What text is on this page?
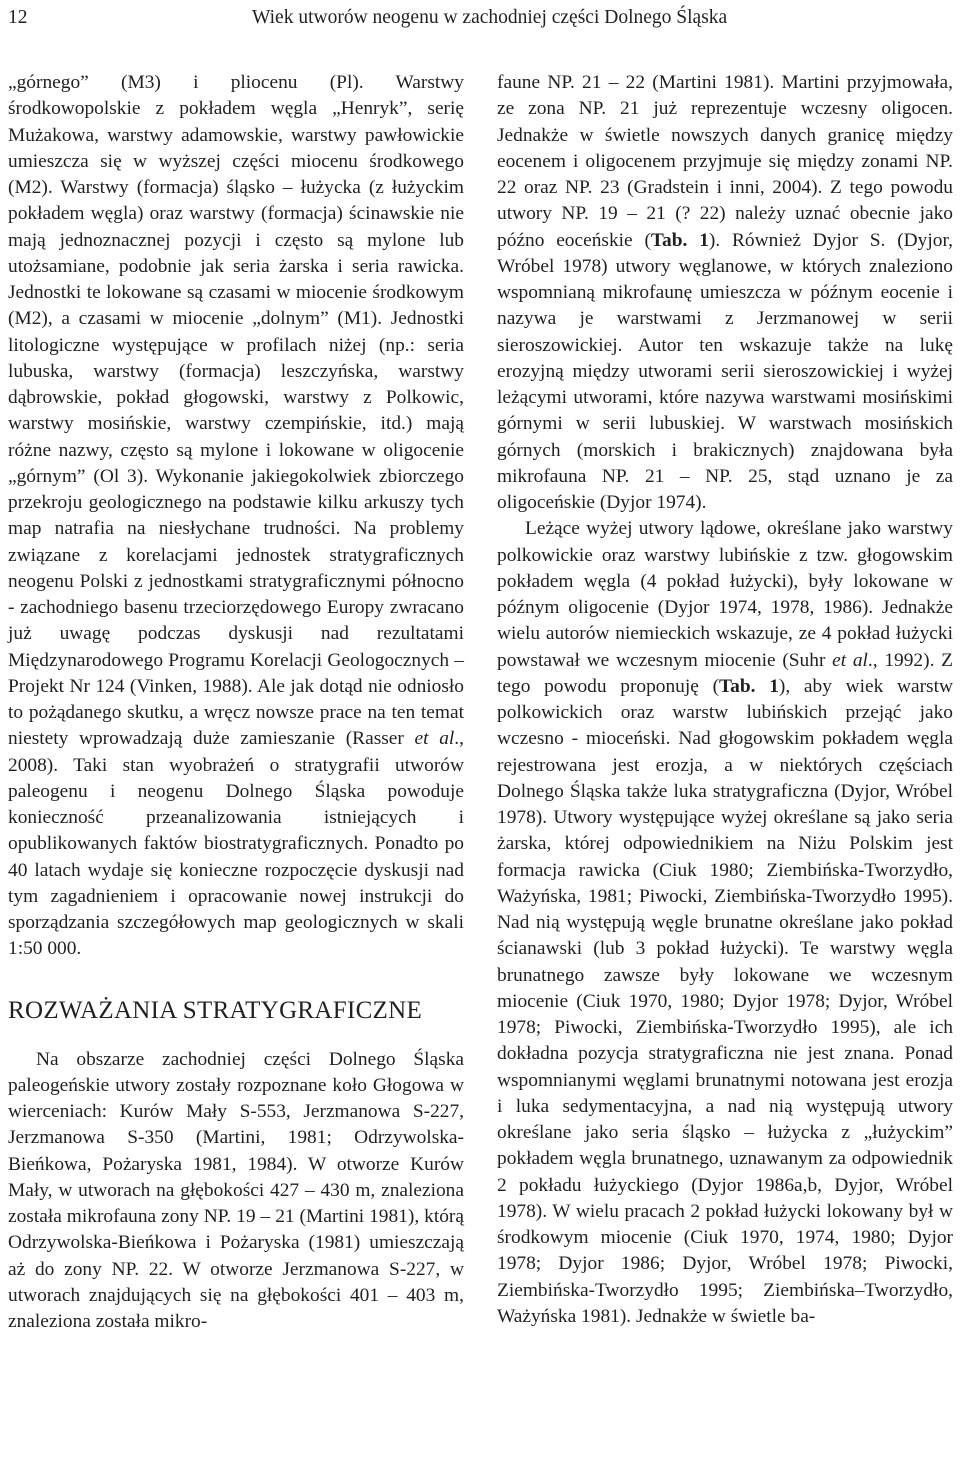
12	Wiek utworów neogenu w zachodniej części Dolnego Śląska

„górnego” (M3) i pliocenu (Pl). Warstwy środkowopolskie z pokładem węgla „Henryk”, serię Mużakowa, warstwy adamowskie, warstwy pawłowickie umieszcza się w wyższej części miocenu środkowego (M2). Warstwy (formacja) śląsko – łużycka (z łużyckim pokładem węgla) oraz warstwy (formacja) ścinawskie nie mają jednoznacznej pozycji i często są mylone lub utożsamiane, podobnie jak seria żarska i seria rawicka. Jednostki te lokowane są czasami w miocenie środkowym (M2), a czasami w miocenie „dolnym” (M1). Jednostki litologiczne występujące w profilach niżej (np.: seria lubuska, warstwy (formacja) leszczyńska, warstwy dąbrowskie, pokład głogowski, warstwy z Polkowic, warstwy mosińskie, warstwy czempińskie, itd.) mają różne nazwy, często są mylone i lokowane w oligocenie „górnym” (Ol 3). Wykonanie jakiegokolwiek zbiorczego przekroju geologicznego na podstawie kilku arkuszy tych map natrafia na niesłychane trudności. Na problemy związane z korelacjami jednostek stratygraficznych neogenu Polski z jednostkami stratygraficznymi północno - zachodniego basenu trzeciorzędowego Europy zwracano już uwagę podczas dyskusji nad rezultatami Międzynarodowego Programu Korelacji Geologocznych – Projekt Nr 124 (Vinken, 1988). Ale jak dotąd nie odniosło to pożądanego skutku, a wręcz nowsze prace na ten temat niestety wprowadzają duże zamieszanie (Rasser et al., 2008). Taki stan wyobrażeń o stratygrafii utworów paleogenu i neogenu Dolnego Śląska powoduje konieczność przeanalizowania istniejących i opublikowanych faktów biostratygraficznych. Ponadto po 40 latach wydaje się konieczne rozpoczęcie dyskusji nad tym zagadnieniem i opracowanie nowej instrukcji do sporządzania szczegółowych map geologicznych w skali 1:50 000.

ROZWAŻANIA STRATYGRAFICZNE

Na obszarze zachodniej części Dolnego Śląska paleogeńskie utwory zostały rozpoznane koło Głogowa w wierceniach: Kurów Mały S-553, Jerzmanowa S-227, Jerzmanowa S-350 (Martini, 1981; Odrzywolska-Bieńkowa, Pożaryska 1981, 1984). W otworze Kurów Mały, w utworach na głębokości 427 – 430 m, znaleziona została mikrofauna zony NP. 19 – 21 (Martini 1981), którą Odrzywolska-Bieńkowa i Pożaryska (1981) umieszczają aż do zony NP. 22. W otworze Jerzmanowa S-227, w utworach znajdujących się na głębokości 401 – 403 m, znaleziona została mikro-

faune NP. 21 – 22 (Martini 1981). Martini przyjmowała, ze zona NP. 21 już reprezentuje wczesny oligocen. Jednakże w świetle nowszych danych granicę między eocenem i oligocenem przyjmuje się między zonami NP. 22 oraz NP. 23 (Gradstein i inni, 2004). Z tego powodu utwory NP. 19 – 21 (? 22) należy uznać obecnie jako późno eoceńskie (Tab. 1). Również Dyjor S. (Dyjor, Wróbel 1978) utwory węglanowe, w których znaleziono wspomnianą mikrofaunę umieszcza w późnym eocenie i nazywa je warstwami z Jerzmanowej w serii sieroszowickiej. Autor ten wskazuje także na lukę erozyjną między utworami serii sieroszowickiej i wyżej leżącymi utworami, które nazywa warstwami mosińskimi górnymi w serii lubuskiej. W warstwach mosińskich górnych (morskich i brakicznych) znajdowana była mikrofauna NP. 21 – NP. 25, stąd uznano je za oligoceńskie (Dyjor 1974).

Leżące wyżej utwory lądowe, określane jako warstwy polkowickie oraz warstwy lubińskie z tzw. głogowskim pokładem węgla (4 pokład łużycki), były lokowane w późnym oligocenie (Dyjor 1974, 1978, 1986). Jednakże wielu autorów niemieckich wskazuje, ze 4 pokład łużycki powstawał we wczesnym miocenie (Suhr et al., 1992). Z tego powodu proponuję (Tab. 1), aby wiek warstw polkowickich oraz warstw lubińskich przejąć jako wczesno - mioceński. Nad głogowskim pokładem węgla rejestrowana jest erozja, a w niektórych częściach Dolnego Śląska także luka stratygraficzna (Dyjor, Wróbel 1978). Utwory występujące wyżej określane są jako seria żarska, której odpowiednikiem na Niżu Polskim jest formacja rawicka (Ciuk 1980; Ziembińska-Tworzydło, Ważyńska, 1981; Piwocki, Ziembińska-Tworzydło 1995). Nad nią występują węgle brunatne określane jako pokład ścianawski (lub 3 pokład łużycki). Te warstwy węgla brunatnego zawsze były lokowane we wczesnym miocenie (Ciuk 1970, 1980; Dyjor 1978; Dyjor, Wróbel 1978; Piwocki, Ziembińska-Tworzydło 1995), ale ich dokładna pozycja stratygraficzna nie jest znana. Ponad wspomnianymi węglami brunatnymi notowana jest erozja i luka sedymentacyjna, a nad nią występują utwory określane jako seria śląsko – łużycka z „łużyckim” pokładem węgla brunatnego, uznawanym za odpowiednik 2 pokładu łużyckiego (Dyjor 1986a,b, Dyjor, Wróbel 1978). W wielu pracach 2 pokład łużycki lokowany był w środkowym miocenie (Ciuk 1970, 1974, 1980; Dyjor 1978; Dyjor 1986; Dyjor, Wróbel 1978; Piwocki, Ziembińska-Tworzydło 1995; Ziembińska–Tworzydło, Ważyńska 1981). Jednakże w świetle ba-
